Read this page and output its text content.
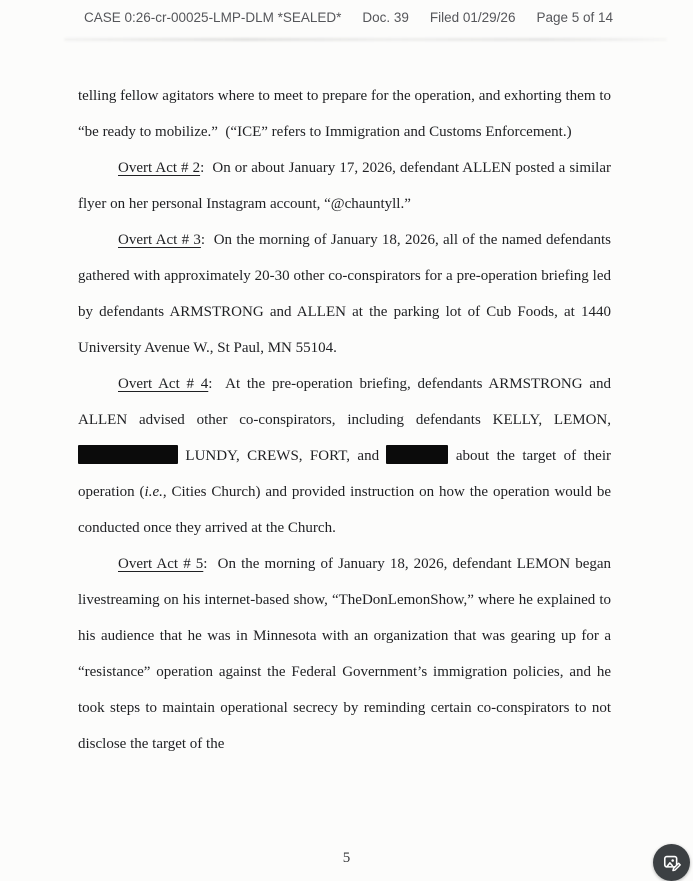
CASE 0:26-cr-00025-LMP-DLM *SEALED* Doc. 39 Filed 01/29/26 Page 5 of 14

telling fellow agitators where to meet to prepare for the operation, and exhorting them to “be ready to mobilize.”  (“ICE” refers to Immigration and Customs Enforcement.)

Overt Act # 2:  On or about January 17, 2026, defendant ALLEN posted a similar flyer on her personal Instagram account, “@chauntyll.”

Overt Act # 3:  On the morning of January 18, 2026, all of the named defendants gathered with approximately 20-30 other co-conspirators for a pre-operation briefing led by defendants ARMSTRONG and ALLEN at the parking lot of Cub Foods, at 1440 University Avenue W., St Paul, MN 55104.

Overt Act # 4:  At the pre-operation briefing, defendants ARMSTRONG and ALLEN advised other co-conspirators, including defendants KELLY, LEMON,  LUNDY, CREWS, FORT, and	about the target of their operation (i.e., Cities Church) and provided instruction on how the operation would be conducted once they arrived at the Church.

Overt Act # 5:  On the morning of January 18, 2026, defendant LEMON began livestreaming on his internet-based show, “TheDonLemonShow,” where he explained to his audience that he was in Minnesota with an organization that was gearing up for a “resistance” operation against the Federal Government’s immigration policies, and he took steps to maintain operational secrecy by reminding certain co-conspirators to not disclose the target of the

5
